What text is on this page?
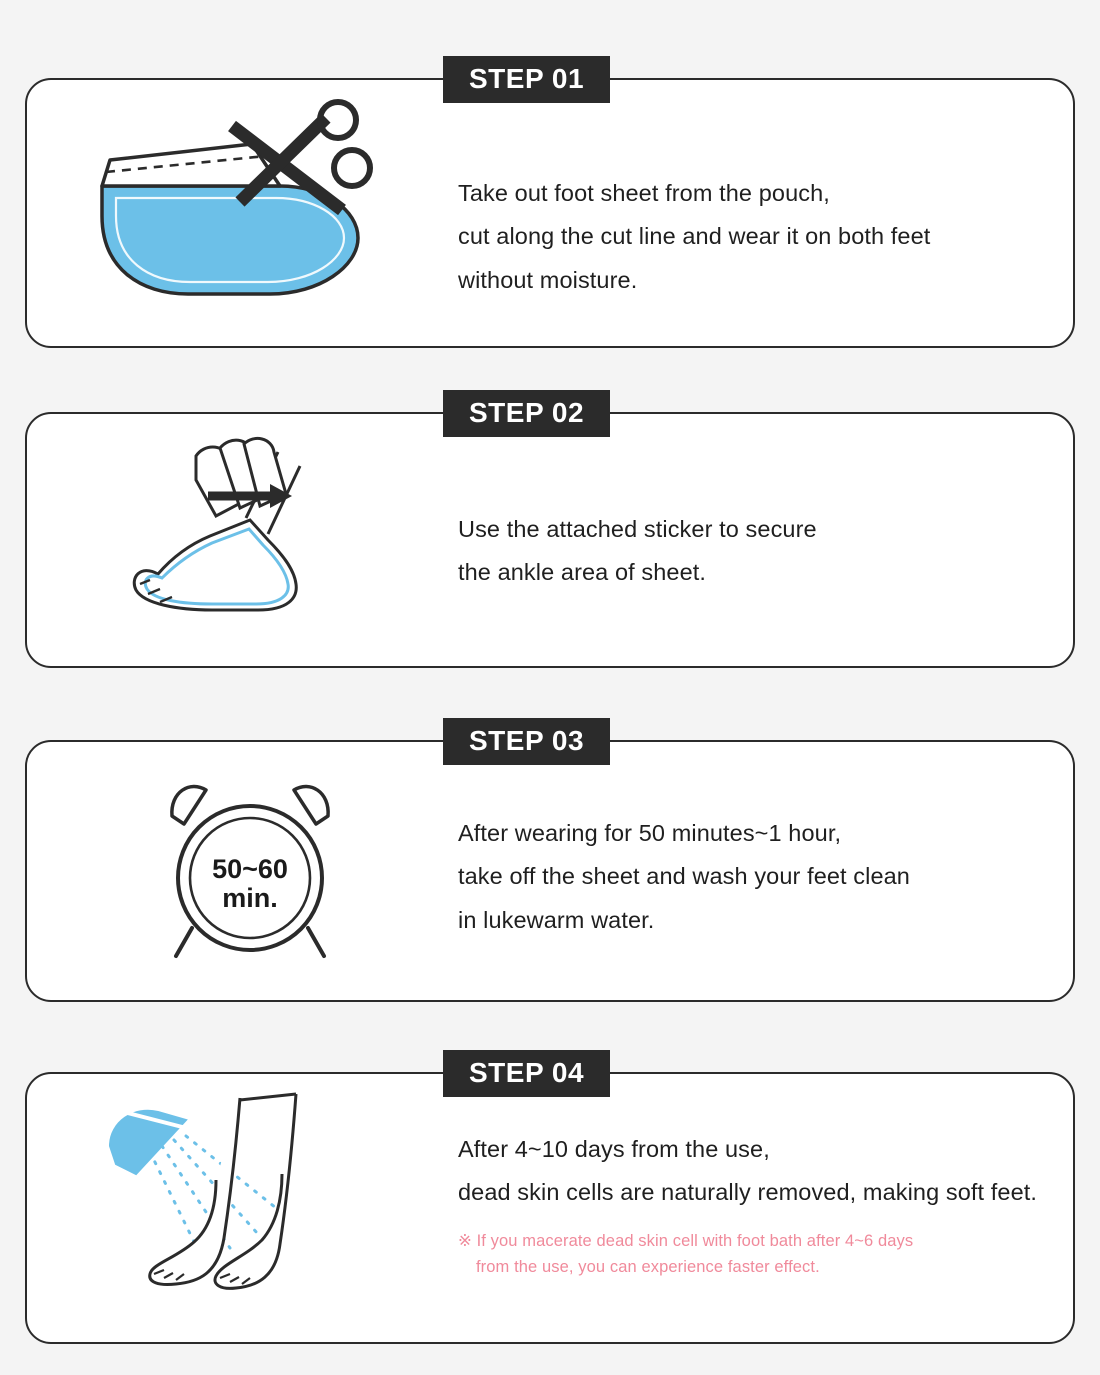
STEP 01
Take out foot sheet from the pouch,
cut along the cut line and wear it on both feet
without moisture.
STEP 02
Use the attached sticker to secure
the ankle area of sheet.
50~60
min.
STEP 03
After wearing for 50 minutes~1 hour,
take off the sheet and wash your feet clean
in lukewarm water.
STEP 04
After 4~10 days from the use,
dead skin cells are naturally removed, making soft feet.
※ If you macerate dead skin cell with foot bath after 4~6 days
from the use, you can experience faster effect.
